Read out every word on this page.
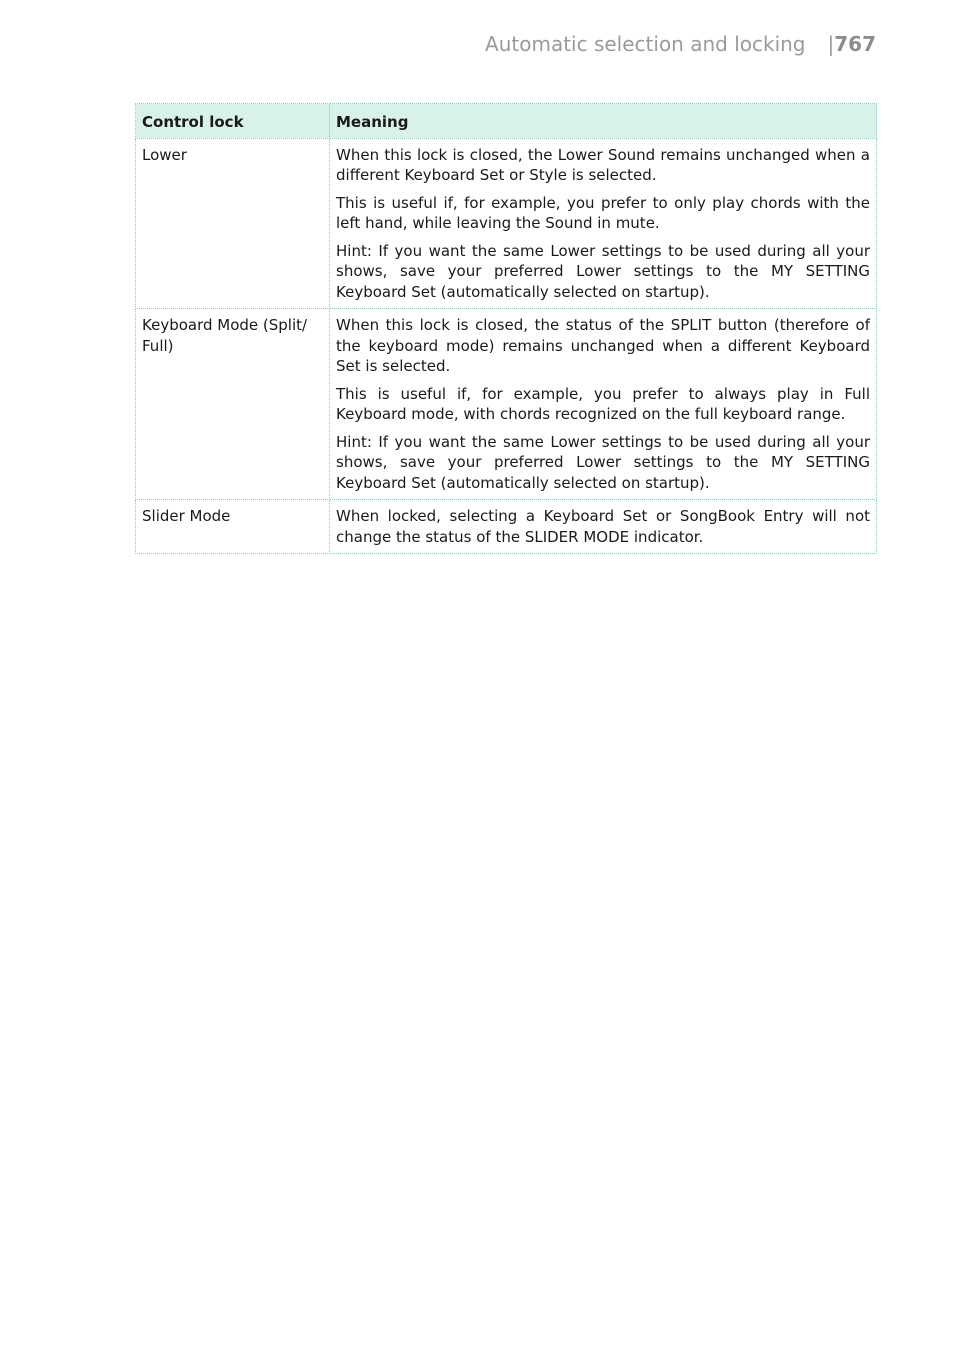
Automatic selection and locking |767
Control lock	Meaning
Lower	When this lock is closed, the Lower Sound remains unchanged when a different Keyboard Set or Style is selected.

This is useful if, for example, you prefer to only play chords with the left hand, while leaving the Sound in mute.

Hint: If you want the same Lower settings to be used during all your shows, save your preferred Lower settings to the MY SETTING Keyboard Set (automatically selected on startup).

Keyboard Mode (Split/ Full)	When this lock is closed, the status of the SPLIT button (therefore of the keyboard mode) remains unchanged when a different Keyboard Set is selected.

This is useful if, for example, you prefer to always play in Full Keyboard mode, with chords recognized on the full keyboard range.

Hint: If you want the same Lower settings to be used during all your shows, save your preferred Lower settings to the MY SETTING Keyboard Set (automatically selected on startup).

Slider Mode	When locked, selecting a Keyboard Set or SongBook Entry will not change the status of the SLIDER MODE indicator.
